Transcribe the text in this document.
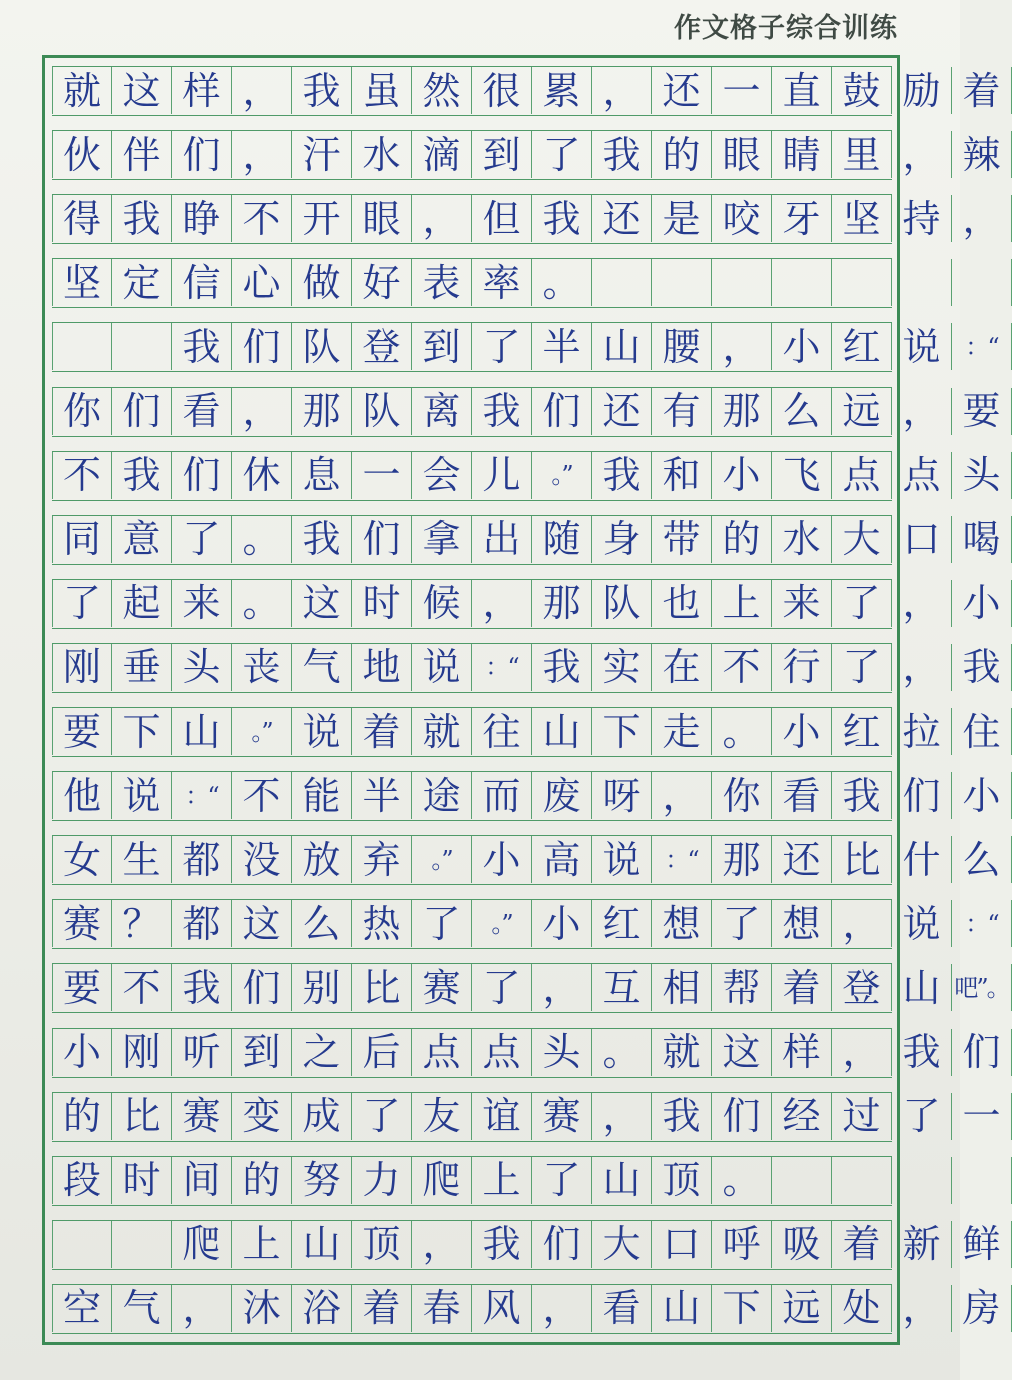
作文格子综合训练
就 这 样 ， 我 虽 然 很 累 ， 还 一 直 鼓 励 着
伙 伴 们 ， 汗 水 滴 到 了 我 的 眼 睛 里 ， 辣
得 我 睁 不 开 眼 ， 但 我 还 是 咬 牙 坚 持 ，
坚 定 信 心 做 好 表 率 。
我 们 队 登 到 了 半 山 腰 ， 小 红 说	：“
你 们 看 ， 那 队 离 我 们 还 有 那 么 远 ， 要
不 我 们 休 息 一 会 儿	。” 我 和 小 飞 点 点 头
同 意 了 。 我 们 拿 出 随 身 带 的 水 大 口 喝
了 起 来 。 这 时 候 ， 那 队 也 上 来 了 ， 小
刚 垂 头 丧 气 地 说	：“ 我 实 在 不 行 了 ， 我
要 下 山	。” 说 着 就 往 山 下 走 。 小 红 拉 住
他 说	：“ 不 能 半 途 而 废 呀 ， 你 看 我 们 小
女 生 都 没 放 弃	。” 小 高 说	：“ 那 还 比 什 么
赛 ？ 都 这 么 热 了	。” 小 红 想 了 想 ， 说	：“
要 不 我 们 别 比 赛 了 ， 互 相 帮 着 登 山 吧”。
小 刚 听 到 之 后 点 点 头 。 就 这 样 ， 我 们
的 比 赛 变 成 了 友 谊 赛 ， 我 们 经 过 了 一
段 时 间 的 努 力 爬 上 了 山 顶 。
爬 上 山 顶 ， 我 们 大 口 呼 吸 着 新 鲜
空 气 ， 沐 浴 着 春 风 ， 看 山 下 远 处 ， 房
